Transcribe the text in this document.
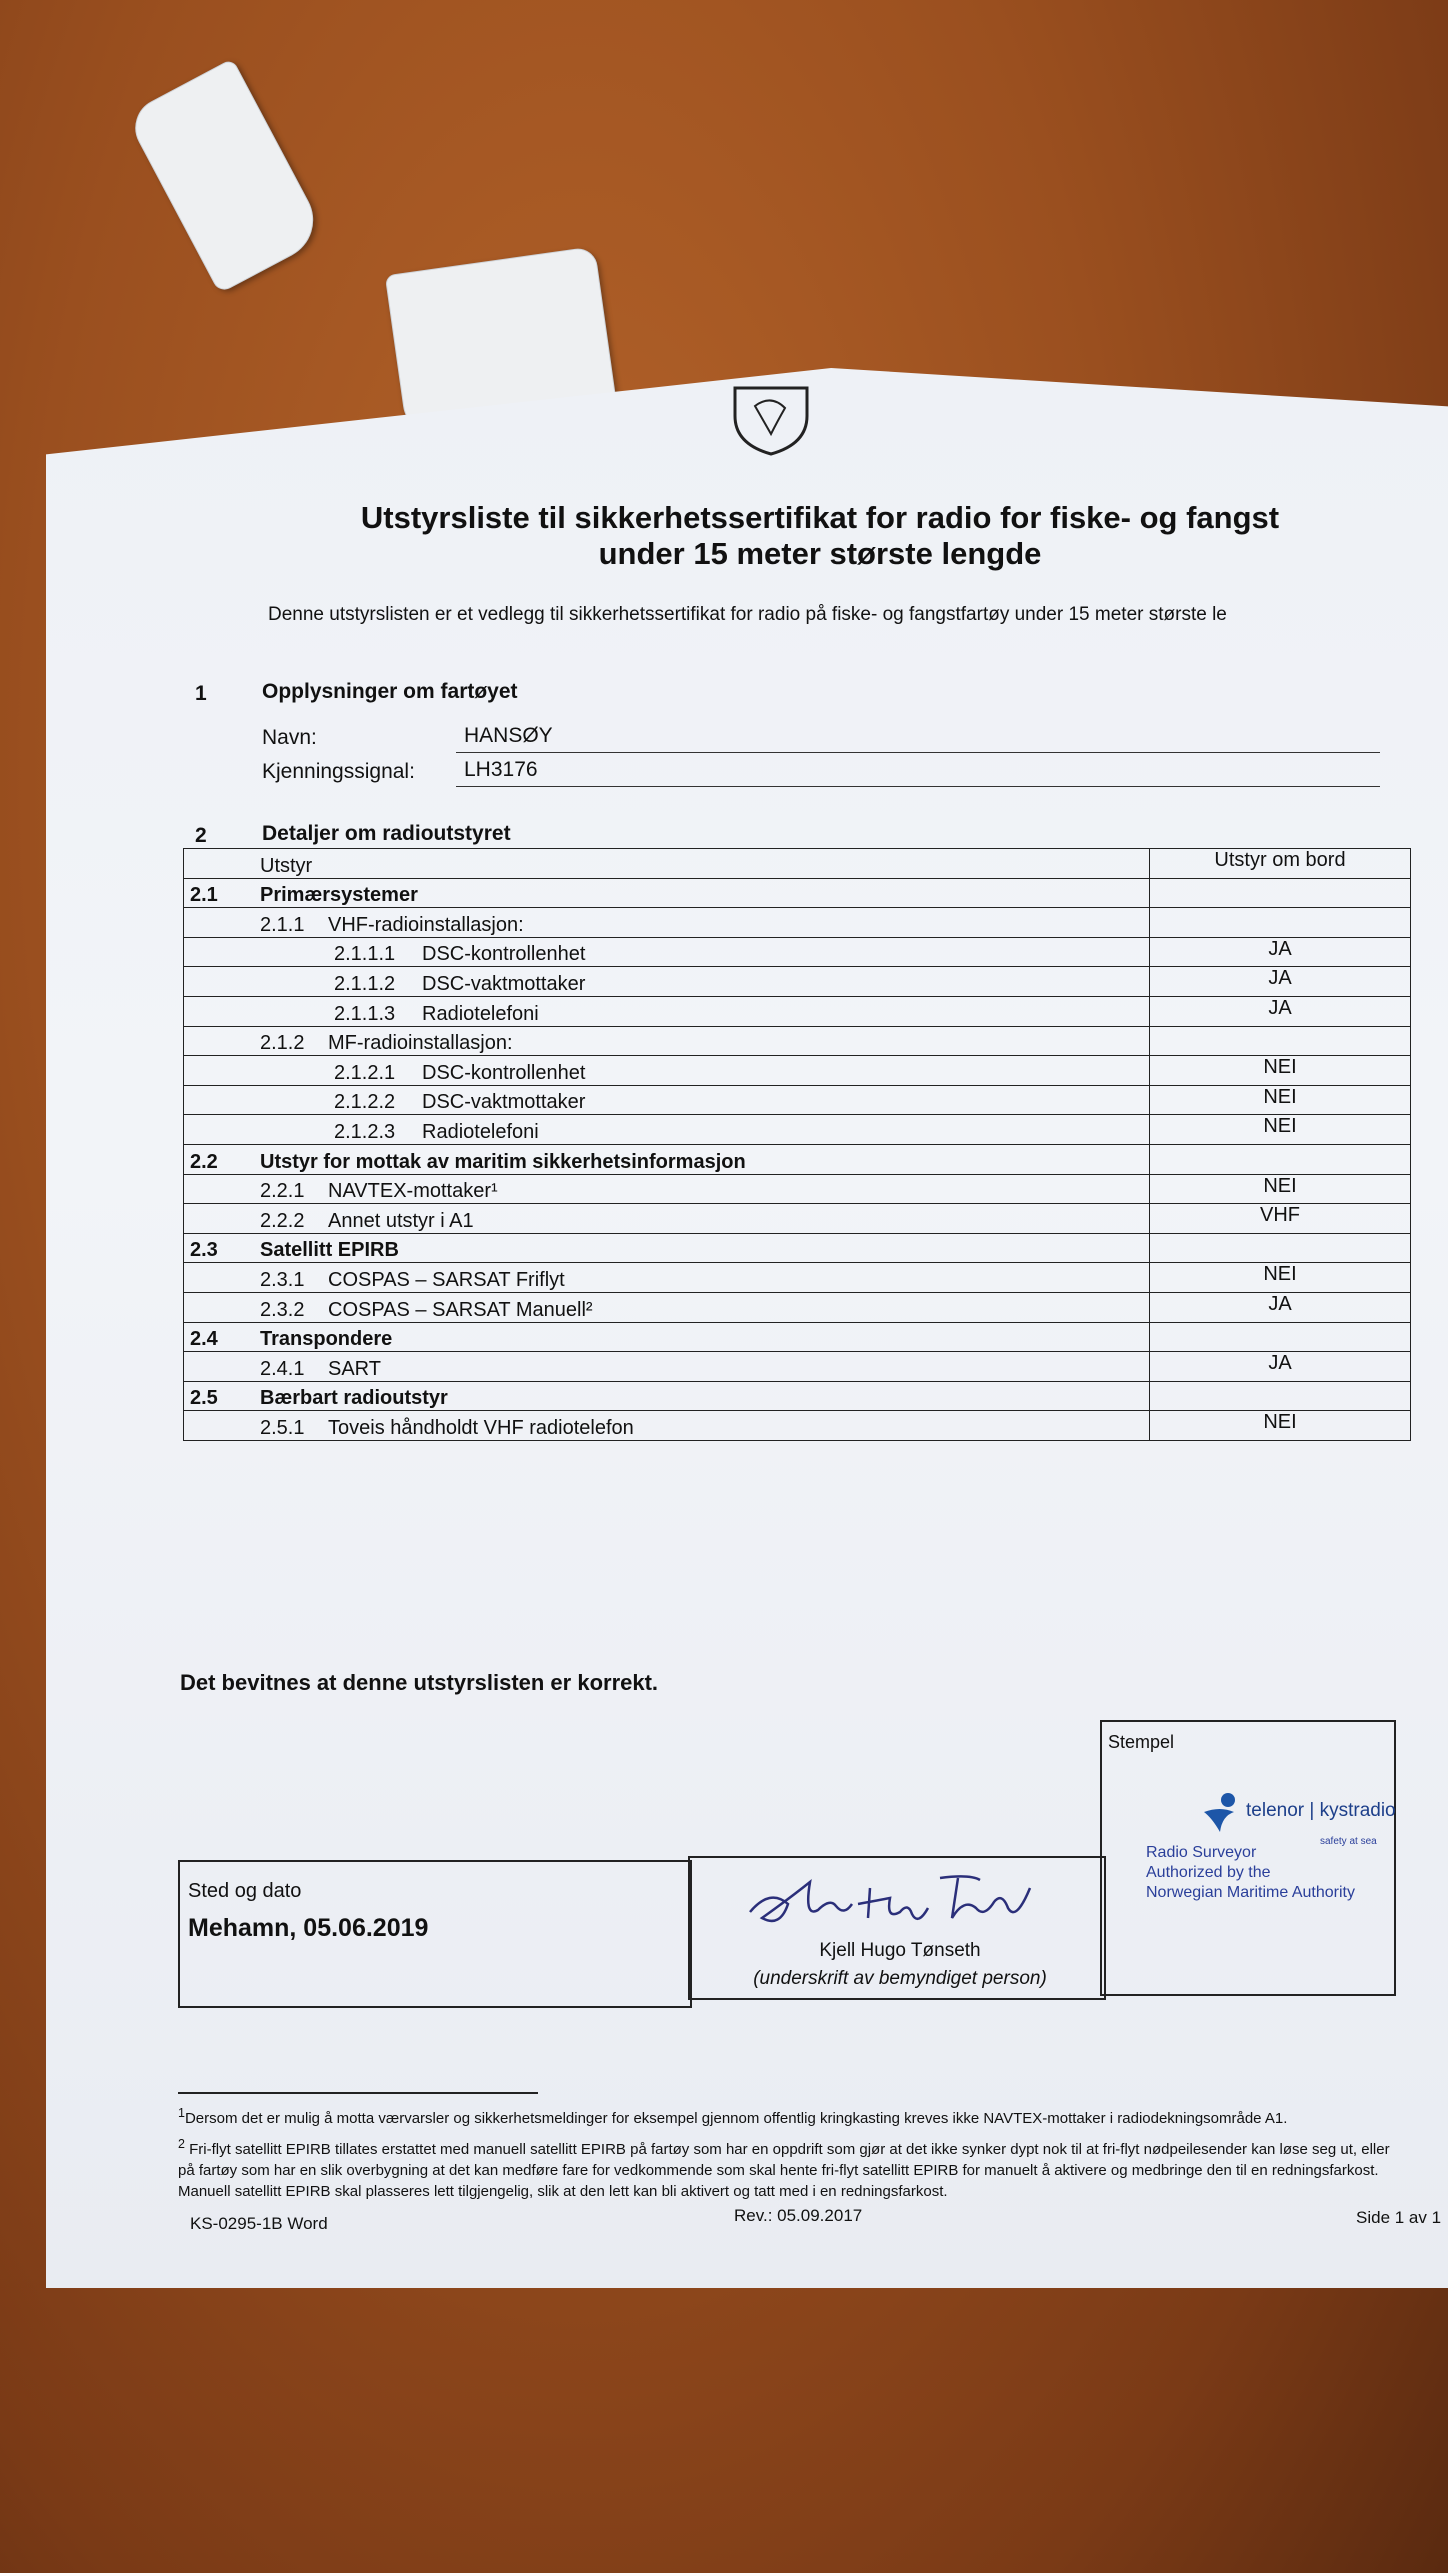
Utstyrsliste til sikkerhetssertifikat for radio for fiske- og fangst
under 15 meter største lengde
Denne utstyrslisten er et vedlegg til sikkerhetssertifikat for radio på fiske- og fangstfartøy under 15 meter største le
1	Opplysninger om fartøyet
Navn:	HANSØY
Kjenningssignal: LH3176
2	Detaljer om radioutstyret
Utstyr	Utstyr om bord
2.1 Primærsystemer	
2.1.1 VHF-radioinstallasjon:	
2.1.1.1 DSC-kontrollenhet	JA
2.1.1.2 DSC-vaktmottaker	JA
2.1.1.3 Radiotelefoni	JA
2.1.2 MF-radioinstallasjon:	
2.1.2.1 DSC-kontrollenhet	NEI
2.1.2.2 DSC-vaktmottaker	NEI
2.1.2.3 Radiotelefoni	NEI
2.2 Utstyr for mottak av maritim sikkerhetsinformasjon	
2.2.1 NAVTEX-mottaker¹	NEI
2.2.2 Annet utstyr i A1	VHF
2.3 Satellitt EPIRB	
2.3.1 COSPAS – SARSAT Friflyt	NEI
2.3.2 COSPAS – SARSAT Manuell²	JA
2.4 Transpondere	
2.4.1 SART	JA
2.5 Bærbart radioutstyr	
2.5.1 Toveis håndholdt VHF radiotelefon	NEI
Det bevitnes at denne utstyrslisten er korrekt.
Stempel
telenor | kystradio
safety at sea
Radio Surveyor
Authorized by the
Norwegian Maritime Authority
Sted og dato
Mehamn, 05.06.2019
Kjell Hugo Tønseth
(underskrift av bemyndiget person)
$^1$Dersom det er mulig å motta værvarsler og sikkerhetsmeldinger for eksempel gjennom offentlig kringkasting kreves ikke NAVTEX-mottaker i radiodekningsområde A1.
$^2$ Fri-flyt satellitt EPIRB tillates erstattet med manuell satellitt EPIRB på fartøy som har en oppdrift som gjør at det ikke synker dypt nok til at fri-flyt nødpeilesender kan løse seg ut, eller på fartøy som har en slik overbygning at det kan medføre fare for vedkommende som skal hente fri-flyt satellitt EPIRB for manuelt å aktivere og medbringe den til en redningsfarkost. Manuell satellitt EPIRB skal plasseres lett tilgjengelig, slik at den lett kan bli aktivert og tatt med i en redningsfarkost.
KS-0295-1B Word	Rev.: 05.09.2017	Side 1 av 1
